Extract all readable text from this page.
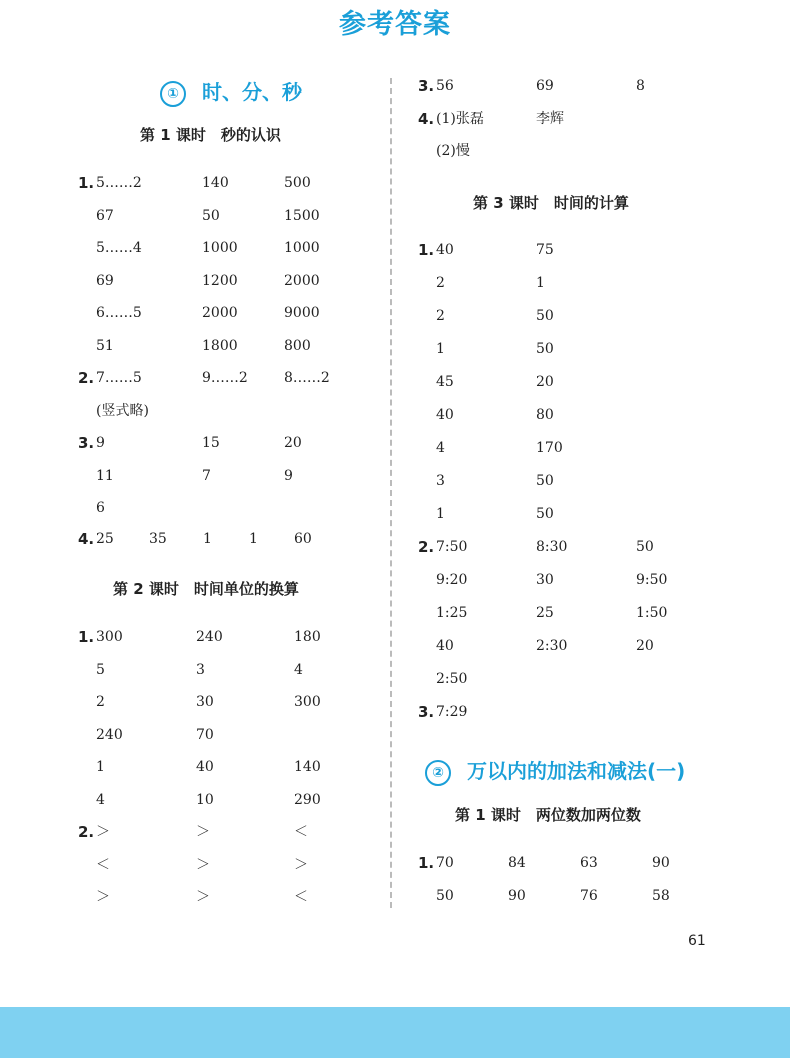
参考答案
① 时、分、秒
第 1 课时　秒的认识
1. 5……2	140	500
67	50	1500
5……4	1000	1000
69	1200	2000
6……5	2000	9000
51	1800	800
2. 7……5	9……2	8……2
(竖式略)
3. 9	15	20
11	7	9
6
4. 25	35	1	1	60
第 2 课时　时间单位的换算
1. 300	240	180
5	3	4
2	30	300
240	70
1	40	140
4	10	290
2. ＞	＞	＜
＜	＞	＞
＞	＞	＜
3. 56	69	8
4. (1)张磊	李辉
(2)慢
第 3 课时　时间的计算
1. 40	75
2	1
2	50
1	50
45	20
40	80
4	170
3	50
1	50
2. 7:50	8:30	50
9:20	30	9:50
1:25	25	1:50
40	2:30	20
2:50
3. 7:29
② 万以内的加法和减法(一)
第 1 课时　两位数加两位数
1. 70	84	63	90
50	90	76	58
61
